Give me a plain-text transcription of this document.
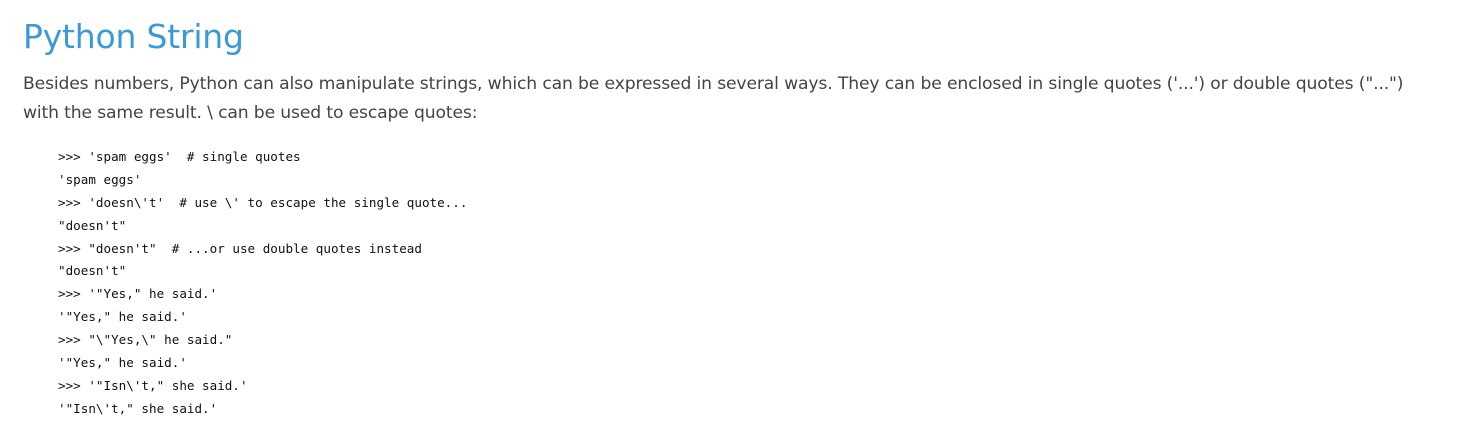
Python String

Besides numbers, Python can also manipulate strings, which can be expressed in several ways. They can be enclosed in single quotes ('...') or double quotes ("...") with the same result. \ can be used to escape quotes:

>>> 'spam eggs'  # single quotes
'spam eggs'
>>> 'doesn\'t'  # use \' to escape the single quote...
"doesn't"
>>> "doesn't"  # ...or use double quotes instead
"doesn't"
>>> '"Yes," he said.'
'"Yes," he said.'
>>> "\"Yes,\" he said."
'"Yes," he said.'
>>> '"Isn\'t," she said.'
'"Isn\'t," she said.'
